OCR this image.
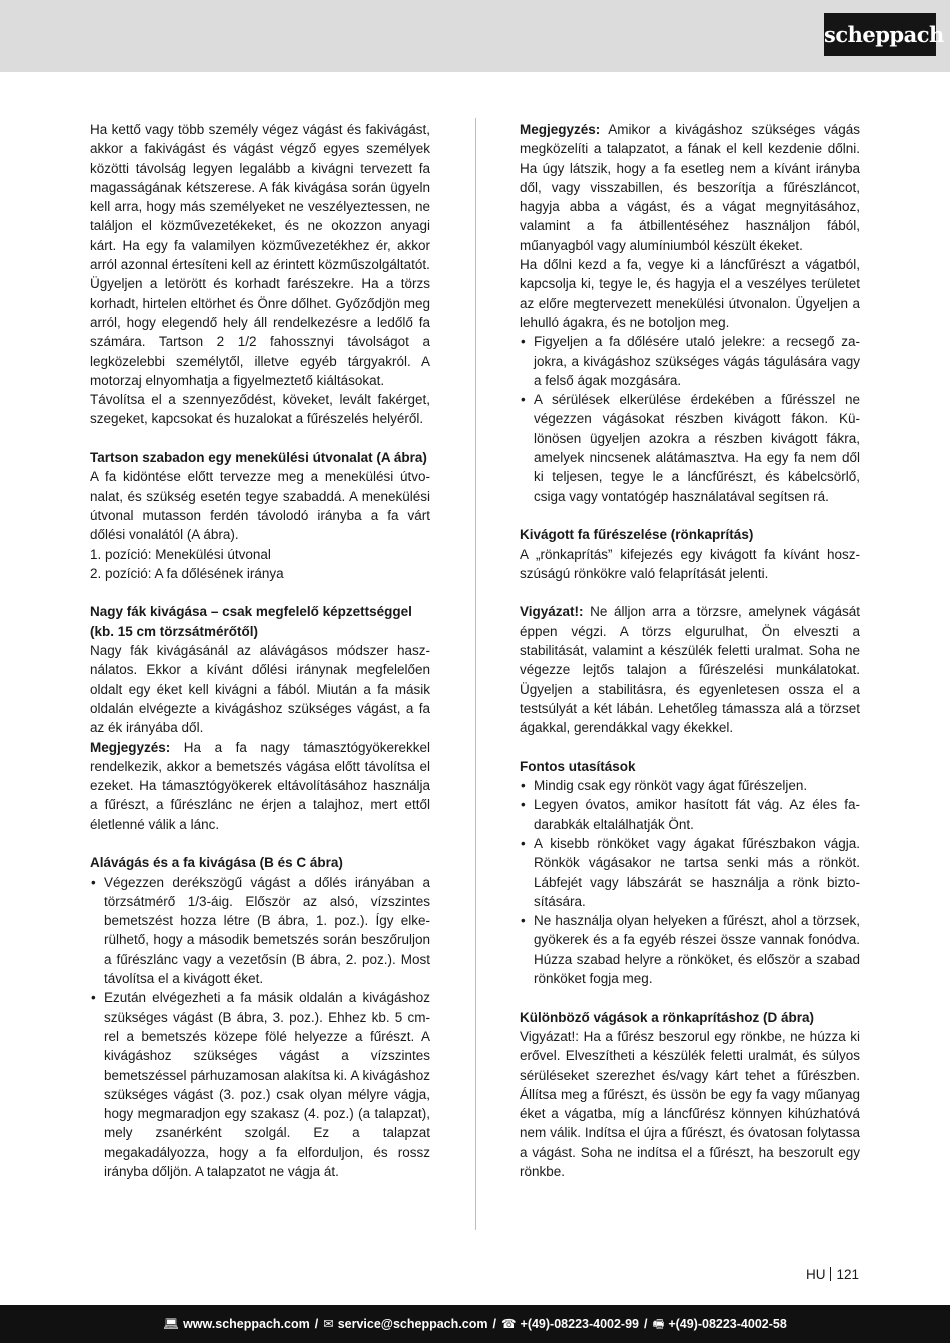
scheppach

Ha kettő vagy több személy végez vágást és fakivágást, akkor a fakivágást és vágást végző egyes személyek közötti távolság legyen legalább a kivágni tervezett fa magasságának kétszerese. A fák kivágása során ügyeln kell arra, hogy más személyeket ne veszélyeztessen, ne találjon el közművezetékeket, és ne okozzon anyagi kárt. Ha egy fa valamilyen közművezetékhez ér, akkor arról azonnal értesíteni kell az érintett közműszolgáltatót.

Ügyeljen a letörött és korhadt farészekre. Ha a törzs korhadt, hirtelen eltörhet és Önre dőlhet. Győződjön meg arról, hogy elegendő hely áll rendelkezésre a ledőlő fa számára. Tartson 2 1/2 fahossznyi távolságot a legközelebbi személytől, illetve egyéb tárgyakról. A motorzaj elnyomhatja a figyelmeztető kiáltásokat.

Távolítsa el a szennyeződést, köveket, levált fakérget, szegeket, kapcsokat és huzalokat a fűrészelés helyéről.

Tartson szabadon egy menekülési útvonalat (A ábra)

A fa kidöntése előtt tervezze meg a menekülési útvonalat, és szükség esetén tegye szabaddá. A menekülési útvonal mutasson ferdén távolodó irányba a fa várt dőlési vonalától (A ábra).

1. pozíció: Menekülési útvonal

2. pozíció: A fa dőlésének iránya

Nagy fák kivágása – csak megfelelő képzettséggel (kb. 15 cm törzsátmérőtől)

Nagy fák kivágásánál az alávágásos módszer használatos. Ekkor a kívánt dőlési iránynak megfelelően oldalt egy éket kell kivágni a fából. Miután a fa másik oldalán elvégezte a kivágáshoz szükséges vágást, a fa az ék irányába dől.

Megjegyzés: Ha a fa nagy támasztógyökerekkel rendelkezik, akkor a bemetszés vágása előtt távolítsa el ezeket. Ha támasztógyökerek eltávolításához használja a fűrészt, a fűrészlánc ne érjen a talajhoz, mert ettől életlenné válik a lánc.

Alávágás és a fa kivágása (B és C ábra)

• Végezzen derékszögű vágást a dőlés irányában a törzsátmérő 1/3-áig. Először az alsó, vízszintes bemetszést hozza létre (B ábra, 1. poz.). Így elkerülhető, hogy a második bemetszés során beszőruljon a fűrészlánc vagy a vezetősín (B ábra, 2. poz.). Most távolítsa el a kivágott éket.
• Ezután elvégezheti a fa másik oldalán a kivágáshoz szükséges vágást (B ábra, 3. poz.). Ehhez kb. 5 cm-rel a bemetszés közepe fölé helyezze a fűrészt. A kivágáshoz szükséges vágást a vízszintes bemetszéssel párhuzamosan alakítsa ki. A kivágáshoz szükséges vágást (3. poz.) csak olyan mélyre vágja, hogy megmaradjon egy szakasz (4. poz.) (a talapzat), mely zsanérként szolgál. Ez a talapzat megakadályozza, hogy a fa elforduljon, és rossz irányba dőljön. A talapzatot ne vágja át.

Megjegyzés: Amikor a kivágáshoz szükséges vágás megközelíti a talapzatot, a fának el kell kezdenie dőlni. Ha úgy látszik, hogy a fa esetleg nem a kívánt irányba dől, vagy visszabillen, és beszorítja a fűrészláncot, hagyja abba a vágást, és a vágat megnyitásához, valamint a fa átbillentéséhez használjon fából, műanyagból vagy alumíniumból készült ékeket.

Ha dőlni kezd a fa, vegye ki a láncfűrészt a vágatból, kapcsolja ki, tegye le, és hagyja el a veszélyes területet az előre megtervezett menekülési útvonalon. Ügyeljen a lehulló ágakra, és ne botoljon meg.

• Figyeljen a fa dőlésére utaló jelekre: a recsegő zajokra, a kivágáshoz szükséges vágás tágulására vagy a felső ágak mozgására.
• A sérülések elkerülése érdekében a fűrésszel ne végezzen vágásokat részben kivágott fákon. Különösen ügyeljen azokra a részben kivágott fákra, amelyek nincsenek alátámasztva. Ha egy fa nem dől ki teljesen, tegye le a láncfűrészt, és kábelcsörlő, csiga vagy vontatógép használatával segítsen rá.

Kivágott fa fűrészelése (rönkaprítás)

A „rönkaprítás” kifejezés egy kivágott fa kívánt hoszszúságú rönkökre való felaprítását jelenti.

Vigyázat!: Ne álljon arra a törzsre, amelynek vágását éppen végzi. A törzs elgurulhat, Ön elveszti a stabilitását, valamint a készülék feletti uralmat. Soha ne végezze lejtős talajon a fűrészelési munkálatokat. Ügyeljen a stabilitásra, és egyenletesen ossza el a testsúlyát a két lábán. Lehetőleg támassza alá a törzset ágakkal, gerendákkal vagy ékekkel.

Fontos utasítások

• Mindig csak egy rönköt vagy ágat fűrészeljen.
• Legyen óvatos, amikor hasított fát vág. Az éles fadarabkák eltalálhatják Önt.
• A kisebb rönköket vagy ágakat fűrészbakon vágja. Rönkök vágásakor ne tartsa senki más a rönköt. Lábfejét vagy lábszárát se használja a rönk biztosítására.
• Ne használja olyan helyeken a fűrészt, ahol a törzsek, gyökerek és a fa egyéb részei össze vannak fonódva. Húzza szabad helyre a rönköket, és először a szabad rönköket fogja meg.

Különböző vágások a rönkaprításhoz (D ábra)

Vigyázat!: Ha a fűrész beszorul egy rönkbe, ne húzza ki erővel. Elveszítheti a készülék feletti uralmát, és súlyos sérüléseket szerezhet és/vagy kárt tehet a fűrészben. Állítsa meg a fűrészt, és üssön be egy fa vagy műanyag éket a vágatba, míg a láncfűrész könnyen kihúzhatóvá nem válik. Indítsa el újra a fűrészt, és óvatosan folytassa a vágást. Soha ne indítsa el a fűrészt, ha beszorult egy rönkbe.

HU 121
💻︎ www.scheppach.com / ✉︎ service@scheppach.com / ☎︎ +(49)-08223-4002-99 / 🖷︎ +(49)-08223-4002-58
